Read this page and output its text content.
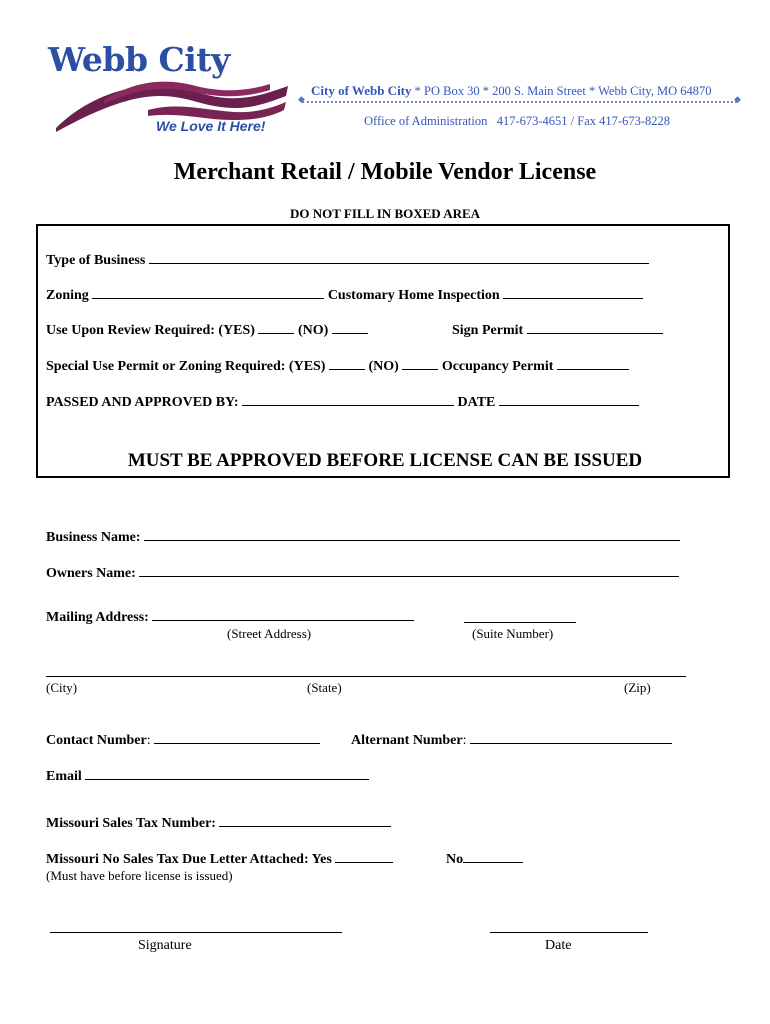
Webb City
We Love It Here!
City of Webb City * PO Box 30 * 200 S. Main Street * Webb City, MO 64870
◆ ◆
Office of Administration   417-673-4651 / Fax 417-673-8228
Merchant Retail / Mobile Vendor License
DO NOT FILL IN BOXED AREA
Type of Business
Zoning	Customary Home Inspection
Use Upon Review Required: (YES)	(NO)	Sign Permit
Special Use Permit or Zoning Required: (YES)	(NO)	Occupancy Permit
PASSED AND APPROVED BY:	DATE
MUST BE APPROVED BEFORE LICENSE CAN BE ISSUED
Business Name:
Owners Name:
Mailing Address:
(Street Address)	(Suite Number)
(City)	(State)	(Zip)
Contact Number:	Alternant Number:
Email
Missouri Sales Tax Number:
Missouri No Sales Tax Due Letter Attached: Yes	No
(Must have before license is issued)
Signature	Date
